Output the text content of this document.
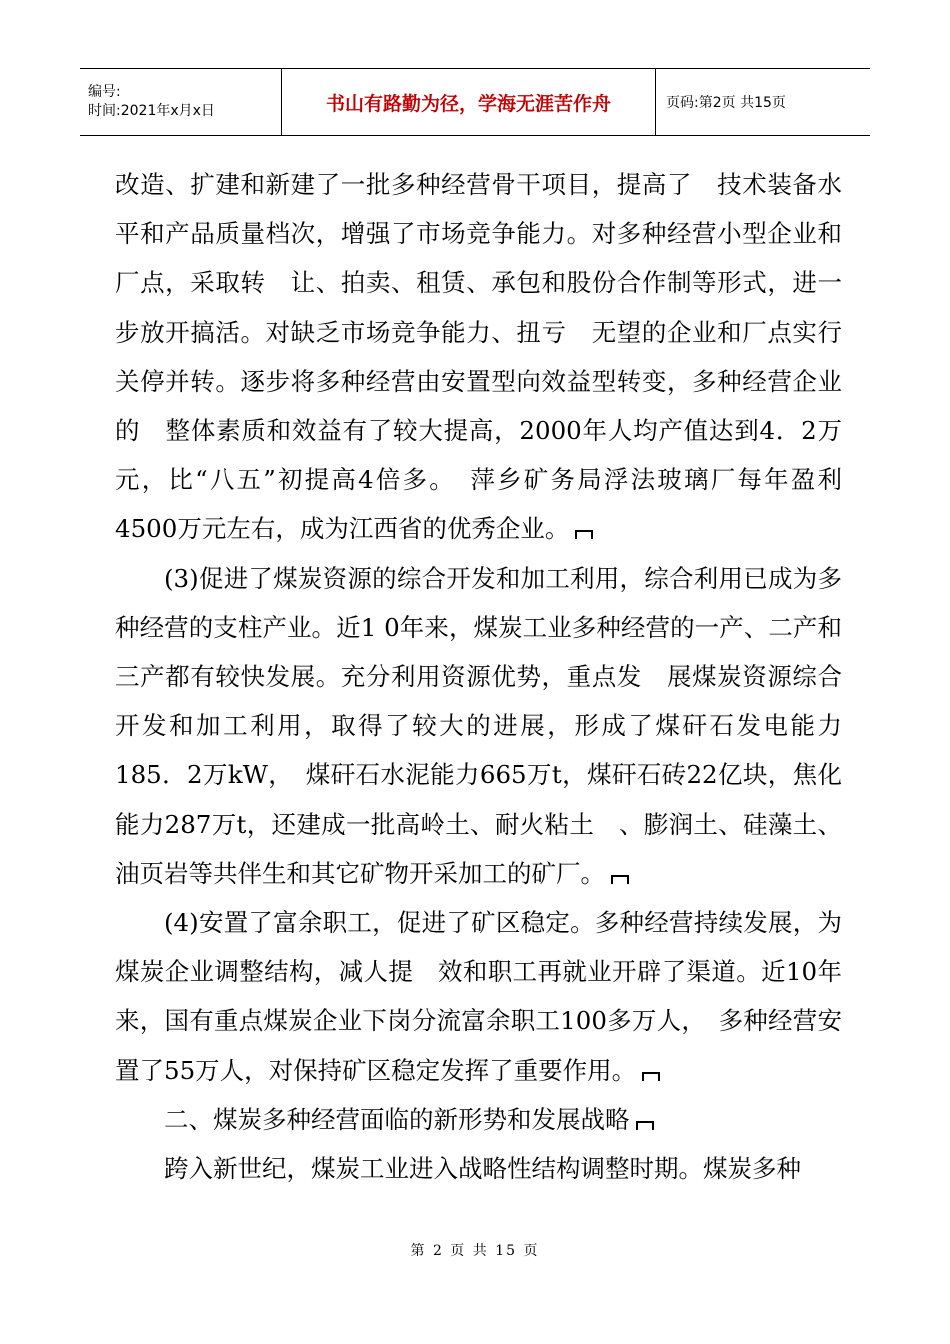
编号:
时间:2021年x月x日	书山有路勤为径，学海无涯苦作舟	页码:第2页 共15页

改造、扩建和新建了一批多种经营骨干项目，提高了　技术装备水平和产品质量档次，增强了市场竞争能力。对多种经营小型企业和厂点，采取转　让、拍卖、租赁、承包和股份合作制等形式，进一步放开搞活。对缺乏市场竞争能力、扭亏　无望的企业和厂点实行关停并转。逐步将多种经营由安置型向效益型转变，多种经营企业的　整体素质和效益有了较大提高，2000年人均产值达到4．2万元，比“八五”初提高4倍多。　萍乡矿务局浮法玻璃厂每年盈利4500万元左右，成为江西省的优秀企业。

(3)促进了煤炭资源的综合开发和加工利用，综合利用已成为多种经营的支柱产业。近1 0年来，煤炭工业多种经营的一产、二产和三产都有较快发展。充分利用资源优势，重点发　展煤炭资源综合开发和加工利用，取得了较大的进展，形成了煤矸石发电能力185．2万kW，　煤矸石水泥能力665万t，煤矸石砖22亿块，焦化能力287万t，还建成一批高岭土、耐火粘土　、膨润土、硅藻土、油页岩等共伴生和其它矿物开采加工的矿厂。

(4)安置了富余职工，促进了矿区稳定。多种经营持续发展，为煤炭企业调整结构，减人提　效和职工再就业开辟了渠道。近10年来，国有重点煤炭企业下岗分流富余职工100多万人，　多种经营安置了55万人，对保持矿区稳定发挥了重要作用。

二、煤炭多种经营面临的新形势和发展战略

跨入新世纪，煤炭工业进入战略性结构调整时期。煤炭多种

第 2 页 共 15 页
